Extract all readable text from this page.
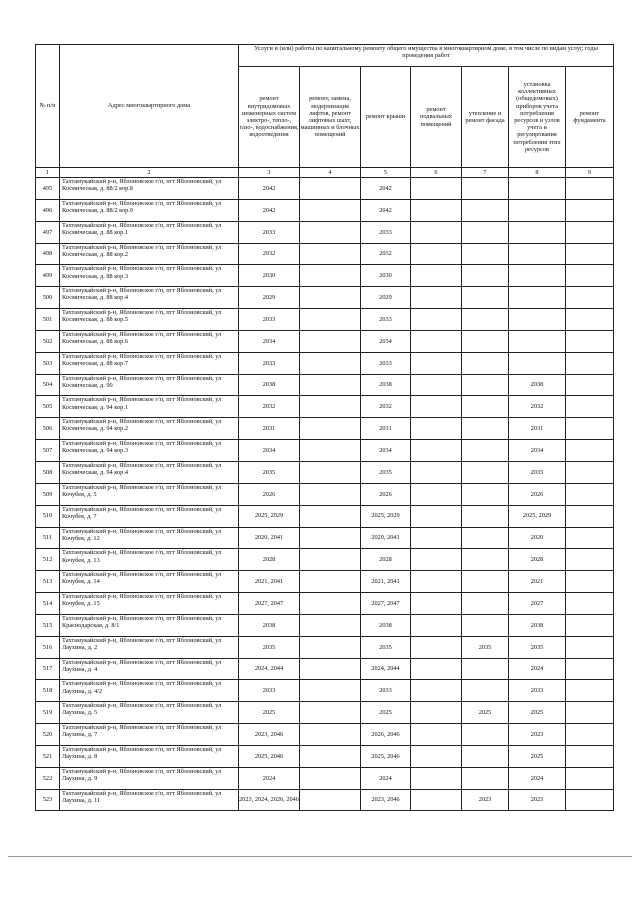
№ п/п	Адрес многоквартирного дома	Услуги и (или) работы по капитальному ремонту общего имущества в многоквартирном доме, в том числе по видам услуг, годы проведения работ						
		ремонт внутридомовых инженерных систем электро-, тепло-, газо-, водоснабжения, водоотведения	ремонт, замена, модернизация лифтов, ремонт лифтовых шахт, машинных и блочных помещений	ремонт крыши	ремонт подвальных помещений	утепление и ремонт фасада	установка коллективных (общедомовых) приборов учета потребления ресурсов и узлов учета и регулирования потребления этих ресурсов	ремонт фундамента
1	2	3	4	5	6	7	8	9
495	Тахтамукайский р-н, Яблоновское г/п, пгт Яблоновский, ул Космическая, д. 88/2 кор.8	2042		2042				
496	Тахтамукайский р-н, Яблоновское г/п, пгт Яблоновский, ул Космическая, д. 88/2 кор.9	2042		2042				
497	Тахтамукайский р-н, Яблоновское г/п, пгт Яблоновский, ул Космическая, д. 88 кор.1	2033		2033				
498	Тахтамукайский р-н, Яблоновское г/п, пгт Яблоновский, ул Космическая, д. 88 кор.2	2032		2032				
499	Тахтамукайский р-н, Яблоновское г/п, пгт Яблоновский, ул Космическая, д. 88 кор.3	2030		2030				
500	Тахтамукайский р-н, Яблоновское г/п, пгт Яблоновский, ул Космическая, д. 88 кор.4	2029		2029				
501	Тахтамукайский р-н, Яблоновское г/п, пгт Яблоновский, ул Космическая, д. 88 кор.5	2033		2033				
502	Тахтамукайский р-н, Яблоновское г/п, пгт Яблоновский, ул Космическая, д. 88 кор.6	2034		2034				
503	Тахтамукайский р-н, Яблоновское г/п, пгт Яблоновский, ул Космическая, д. 88 кор.7	2033		2033				
504	Тахтамукайский р-н, Яблоновское г/п, пгт Яблоновский, ул Космическая, д. 90	2038		2038			2038	
505	Тахтамукайский р-н, Яблоновское г/п, пгт Яблоновский, ул Космическая, д. 94 кор.1	2032		2032			2032	
506	Тахтамукайский р-н, Яблоновское г/п, пгт Яблоновский, ул Космическая, д. 94 кор.2	2031		2031			2031	
507	Тахтамукайский р-н, Яблоновское г/п, пгт Яблоновский, ул Космическая, д. 94 кор.3	2034		2034			2034	
508	Тахтамукайский р-н, Яблоновское г/п, пгт Яблоновский, ул Космическая, д. 94 кор.4	2035		2035			2035	
509	Тахтамукайский р-н, Яблоновское г/п, пгт Яблоновский, ул Кочубея, д. 5	2026		2026			2026	
510	Тахтамукайский р-н, Яблоновское г/п, пгт Яблоновский, ул Кочубея, д. 7	2025, 2029		2025, 2029			2025, 2029	
511	Тахтамукайский р-н, Яблоновское г/п, пгт Яблоновский, ул Кочубея, д. 12	2020, 2041		2020, 2041			2020	
512	Тахтамукайский р-н, Яблоновское г/п, пгт Яблоновский, ул Кочубея, д. 13	2028		2028			2028	
513	Тахтамукайский р-н, Яблоновское г/п, пгт Яблоновский, ул Кочубея, д. 14	2021, 2041		2021, 2041			2021	
514	Тахтамукайский р-н, Яблоновское г/п, пгт Яблоновский, ул Кочубея, д. 15	2027, 2047		2027, 2047			2027	
515	Тахтамукайский р-н, Яблоновское г/п, пгт Яблоновский, ул Краснодарская, д. 8/1	2038		2038			2038	
516	Тахтамукайский р-н, Яблоновское г/п, пгт Яблоновский, ул Лаухина, д. 2	2035		2035		2035	2035	
517	Тахтамукайский р-н, Яблоновское г/п, пгт Яблоновский, ул Лаухина, д. 4	2024, 2044		2024, 2044			2024	
518	Тахтамукайский р-н, Яблоновское г/п, пгт Яблоновский, ул Лаухина, д. 4/2	2033		2033			2033	
519	Тахтамукайский р-н, Яблоновское г/п, пгт Яблоновский, ул Лаухина, д. 5	2025		2025		2025	2025	
520	Тахтамукайский р-н, Яблоновское г/п, пгт Яблоновский, ул Лаухина, д. 7	2023, 2046		2026, 2046			2023	
521	Тахтамукайский р-н, Яблоновское г/п, пгт Яблоновский, ул Лаухина, д. 8	2025, 2046		2025, 2046			2025	
522	Тахтамукайский р-н, Яблоновское г/п, пгт Яблоновский, ул Лаухина, д. 9	2024		2024			2024	
523	Тахтамукайский р-н, Яблоновское г/п, пгт Яблоновский, ул Лаухина, д. 11	2023, 2024, 2026, 2046		2023, 2046		2023	2023	
